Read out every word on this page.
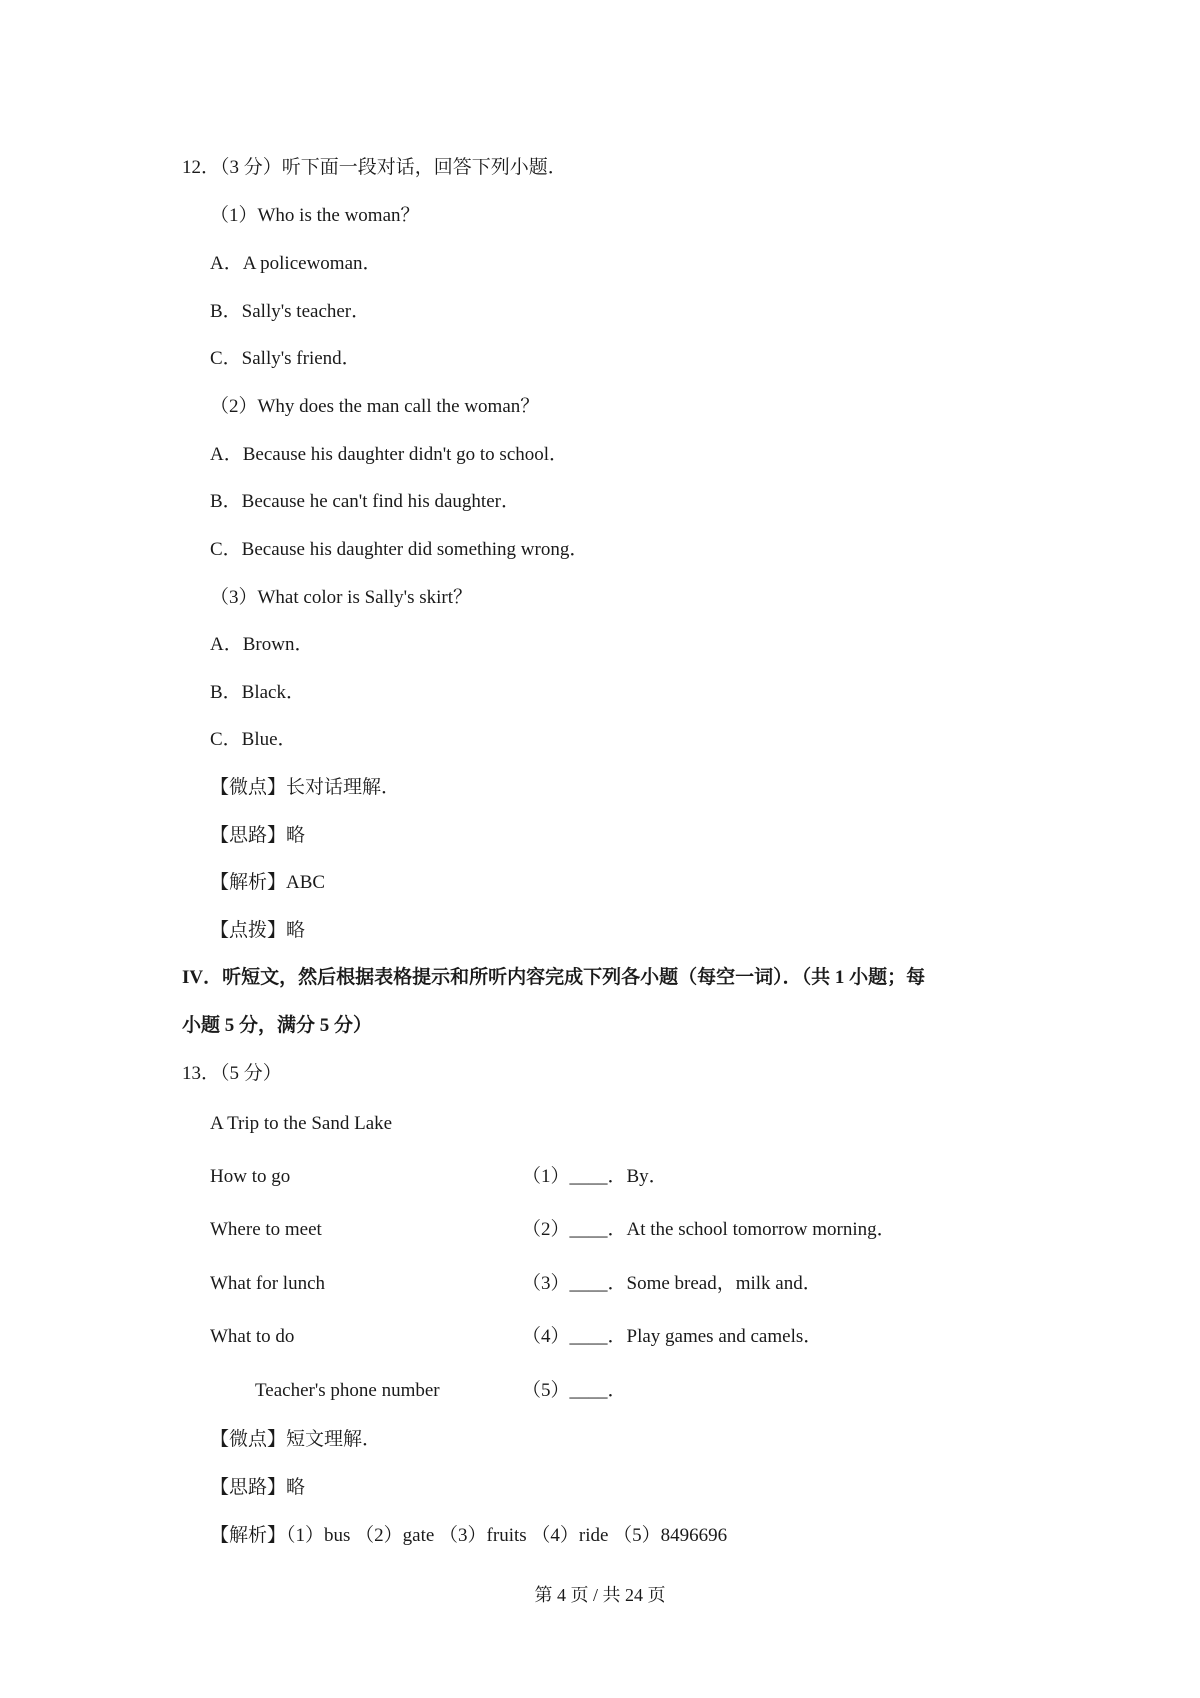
12．（3 分）听下面一段对话，回答下列小题．
（1）Who is the woman？
A．A policewoman．
B．Sally's teacher．
C．Sally's friend．
（2）Why does the man call the woman？
A．Because his daughter didn't go to school．
B．Because he can't find his daughter．
C．Because his daughter did something wrong．
（3）What color is Sally's skirt？
A．Brown．
B．Black．
C．Blue．
【微点】长对话理解．
【思路】略
【解析】ABC
【点拨】略
IV．听短文，然后根据表格提示和所听内容完成下列各小题（每空一词）．（共 1 小题；每
小题 5 分，满分 5 分）
13．（5 分）
A Trip to the Sand Lake
How to go	（1）____．By．
Where to meet	（2）____．At the school tomorrow morning．
What for lunch	（3）____．Some bread，milk and．
What to do	（4）____．Play games and camels．
Teacher's phone number	（5）____．
【微点】短文理解．
【思路】略
【解析】（1）bus （2）gate （3）fruits （4）ride （5）8496696
第 4 页 / 共 24 页
